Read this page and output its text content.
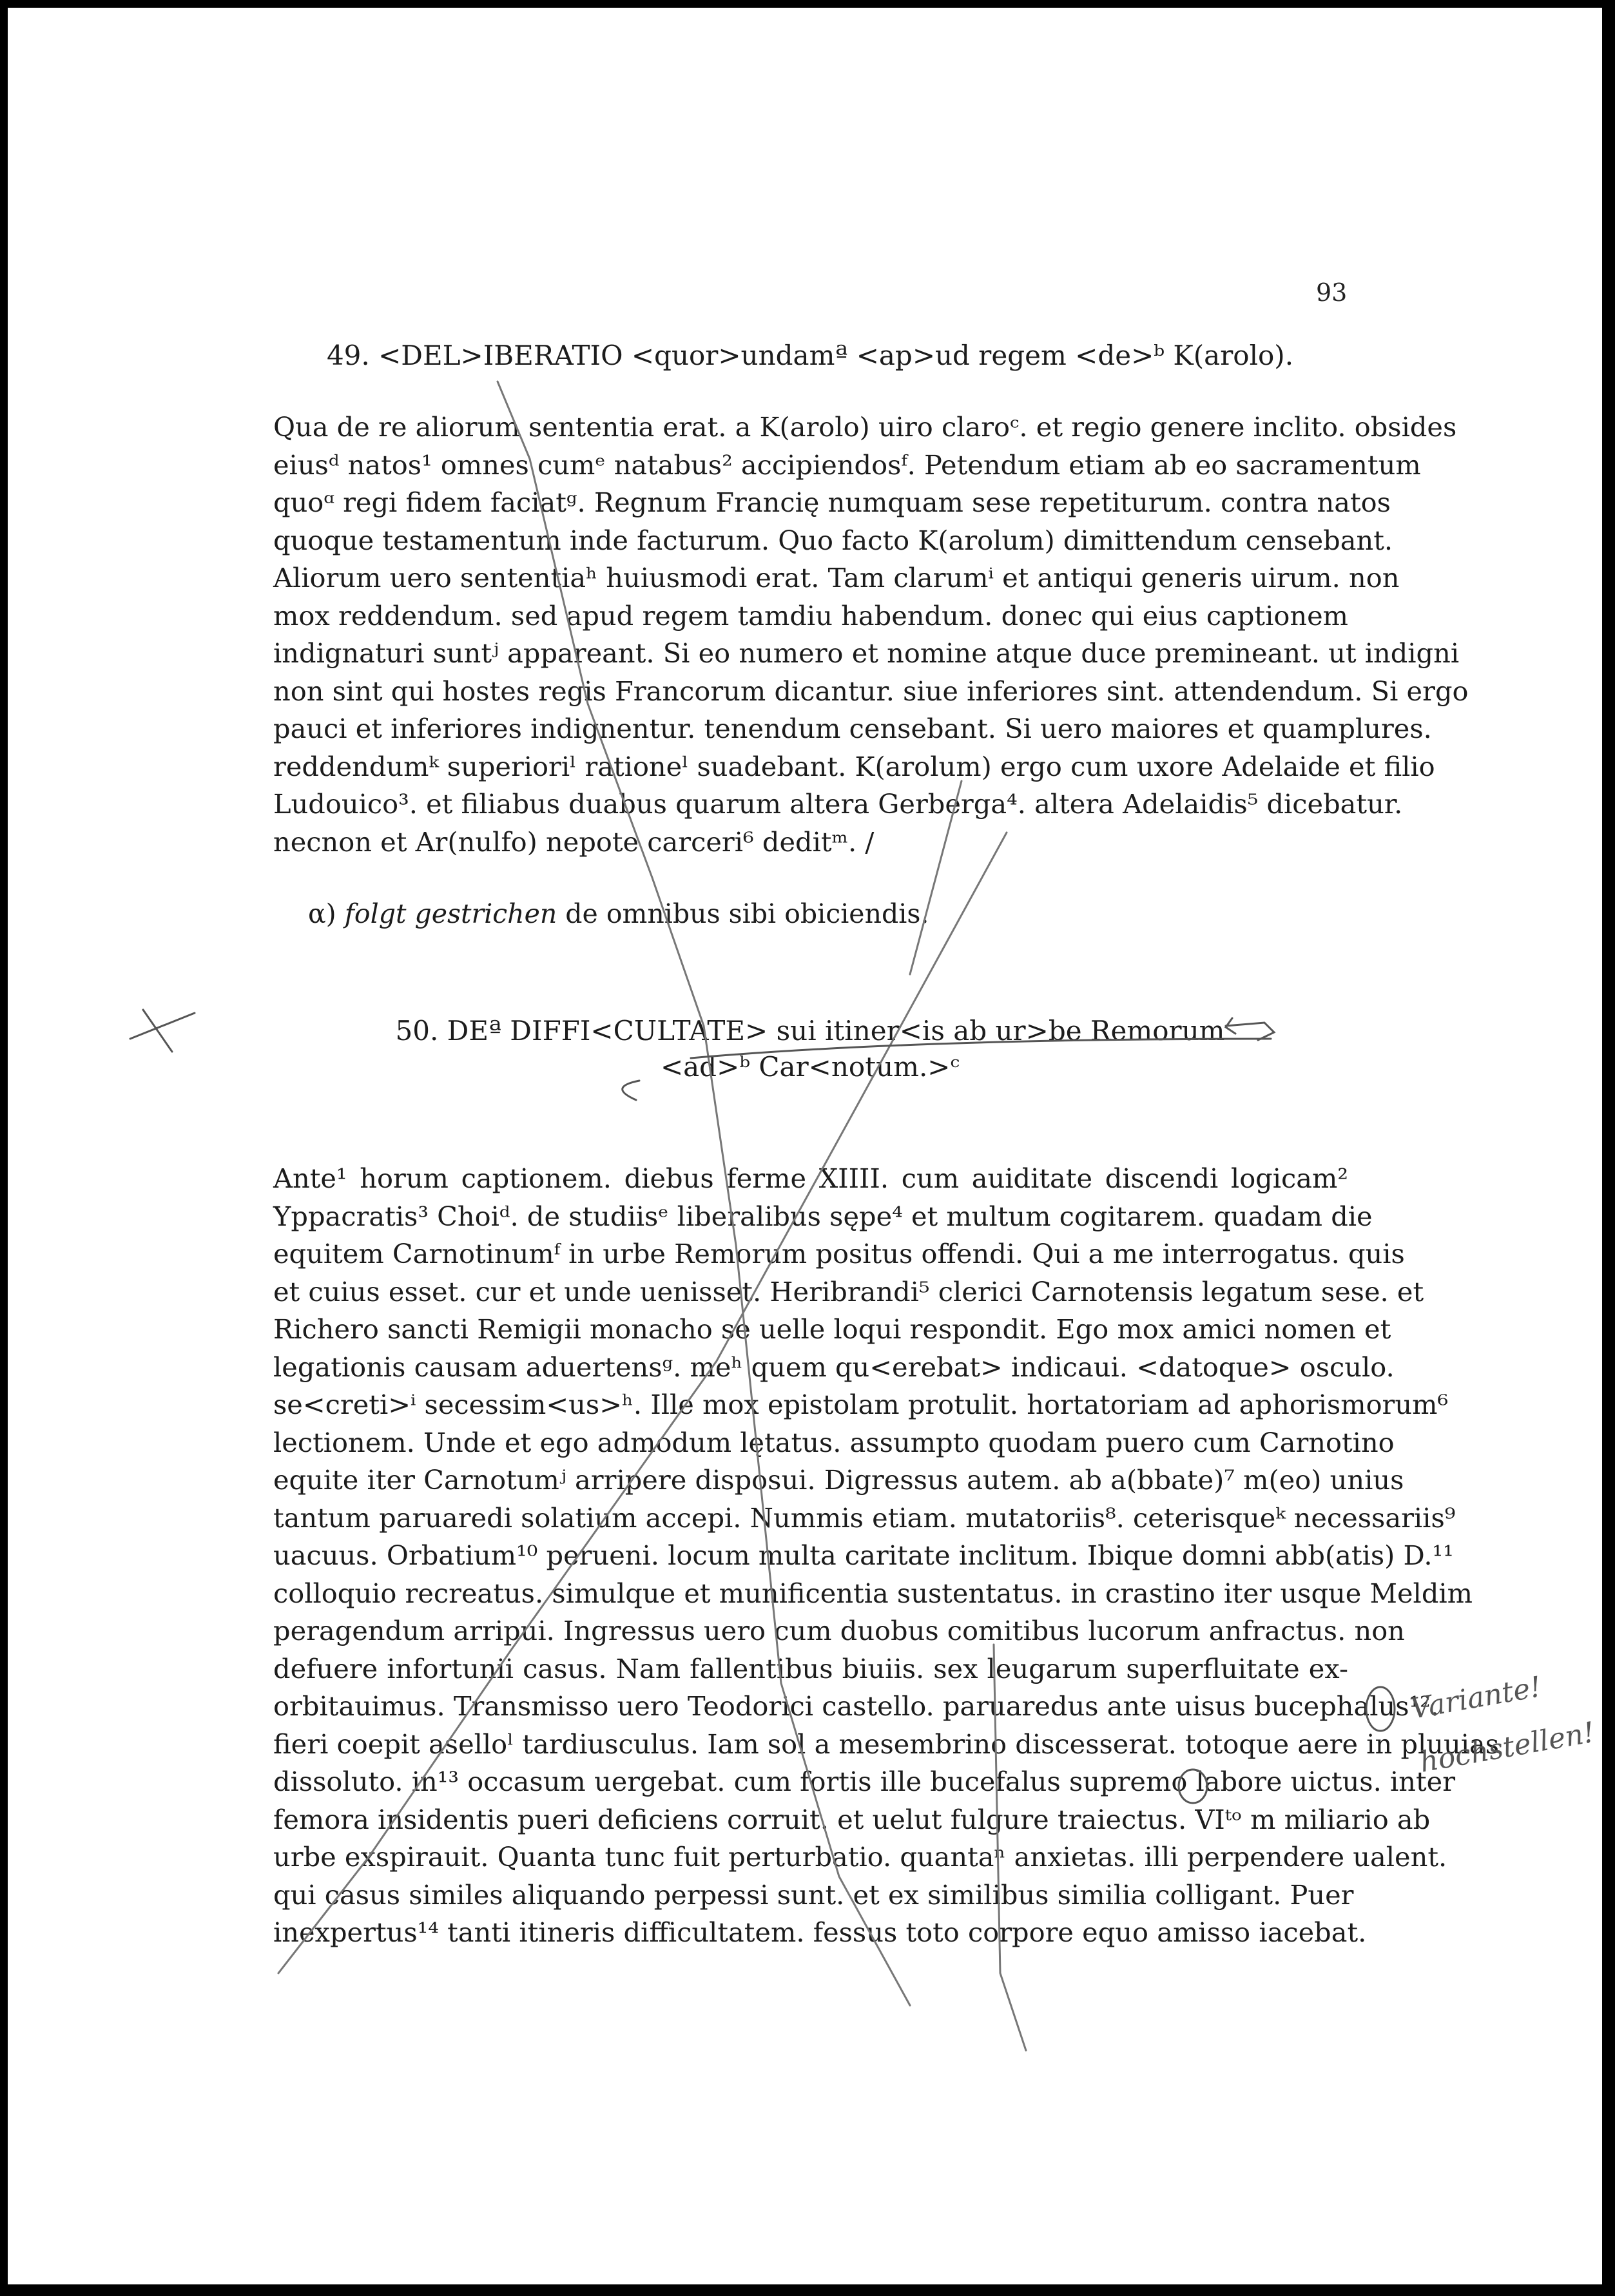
93
49. <DEL>IBERATIO <quor>undamª <ap>ud regem <de>ᵇ K(arolo).
Qua de re aliorum sententia erat. a K(arolo) uiro claroᶜ. et regio genere inclito. obsides
eiusᵈ natos¹ omnes cumᵉ natabus² accipiendosᶠ. Petendum etiam ab eo sacramentum
quoᵅ regi fidem faciatᵍ. Regnum Francię numquam sese repetiturum. contra natos
quoque testamentum inde facturum. Quo facto K(arolum) dimittendum censebant.
Aliorum uero sententiaʰ huiusmodi erat. Tam clarumⁱ et antiqui generis uirum. non
mox reddendum. sed apud regem tamdiu habendum. donec qui eius captionem
indignaturi suntʲ appareant. Si eo numero et nomine atque duce premineant. ut indigni
non sint qui hostes regis Francorum dicantur. siue inferiores sint. attendendum. Si ergo
pauci et inferiores indignentur. tenendum censebant. Si uero maiores et quamplures.
reddendumᵏ superioriˡ rationeˡ suadebant. K(arolum) ergo cum uxore Adelaide et filio
Ludouico³. et filiabus duabus quarum altera Gerberga⁴. altera Adelaidis⁵ dicebatur.
necnon et Ar(nulfo) nepote carceri⁶ deditᵐ. /
α) folgt gestrichen de omnibus sibi obiciendis.
50. DEª DIFFI<CULTATE> sui itiner<is ab ur>be Remorum
<ad>ᵇ Car<notum.>ᶜ
Ante¹ horum captionem. diebus ferme XIIII. cum auiditate discendi logicam²
Yppacratis³ Choiᵈ. de studiisᵉ liberalibus sępe⁴ et multum cogitarem. quadam die
equitem Carnotinumᶠ in urbe Remorum positus offendi. Qui a me interrogatus. quis
et cuius esset. cur et unde uenisset. Heribrandi⁵ clerici Carnotensis legatum sese. et
Richero sancti Remigii monacho se uelle loqui respondit. Ego mox amici nomen et
legationis causam aduertensᵍ. meʰ quem qu<erebat> indicaui. <datoque> osculo.
se<creti>ⁱ secessim<us>ʰ. Ille mox epistolam protulit. hortatoriam ad aphorismorum⁶
lectionem. Unde et ego admodum lętatus. assumpto quodam puero cum Carnotino
equite iter Carnotumʲ arripere disposui. Digressus autem. ab a(bbate)⁷ m(eo) unius
tantum paruaredi solatium accepi. Nummis etiam. mutatoriis⁸. ceterisqueᵏ necessariis⁹
uacuus. Orbatium¹⁰ perueni. locum multa caritate inclitum. Ibique domni abb(atis) D.¹¹
colloquio recreatus. simulque et munificentia sustentatus. in crastino iter usque Meldim
peragendum arripui. Ingressus uero cum duobus comitibus lucorum anfractus. non
defuere infortunii casus. Nam fallentibus biuiis. sex leugarum superfluitate ex-
orbitauimus. Transmisso uero Teodorici castello. paruaredus ante uisus bucephalus¹².
fieri coepit aselloˡ tardiusculus. Iam sol a mesembrino discesserat. totoque aere in pluuias
dissoluto. in¹³ occasum uergebat. cum fortis ille bucefalus supremo labore uictus. inter
femora insidentis pueri deficiens corruit. et uelut fulgure traiectus. VIᵗᵒ m miliario ab
urbe exspirauit. Quanta tunc fuit perturbatio. quantaⁿ anxietas. illi perpendere ualent.
qui casus similes aliquando perpessi sunt. et ex similibus similia colligant. Puer
inexpertus¹⁴ tanti itineris difficultatem. fessus toto corpore equo amisso iacebat.
Variante!
hochstellen!
